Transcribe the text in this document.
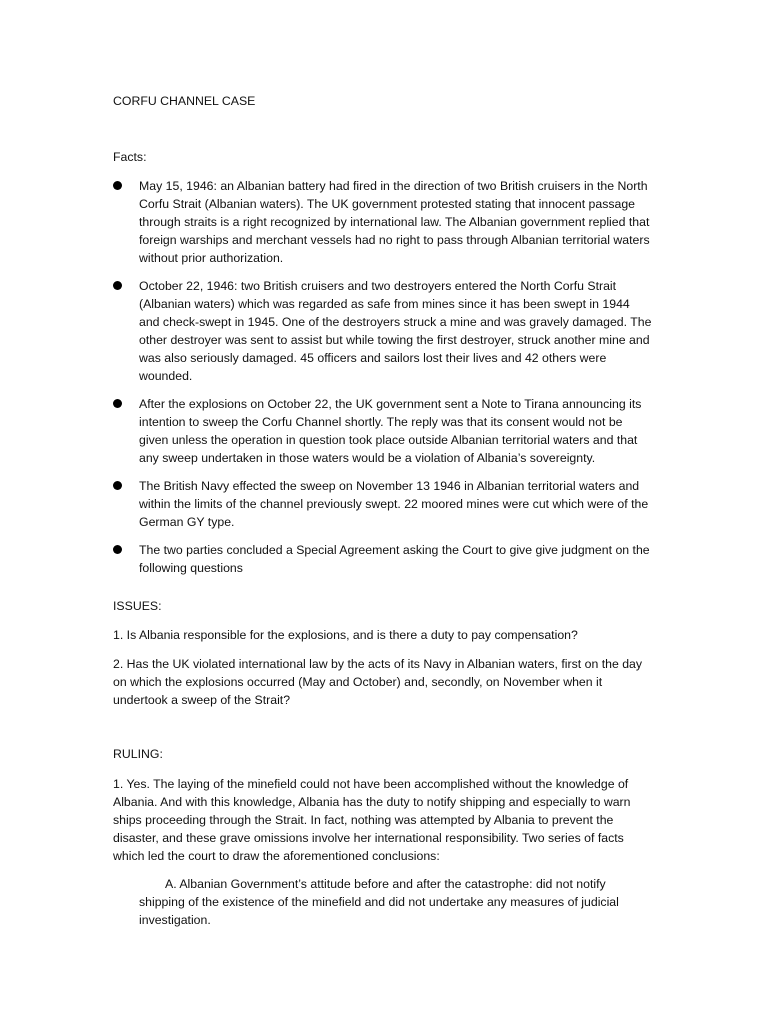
CORFU CHANNEL CASE
Facts:
May 15, 1946: an Albanian battery had fired in the direction of two British cruisers in the North Corfu Strait (Albanian waters). The UK government protested stating that innocent passage through straits is a right recognized by international law. The Albanian government replied that foreign warships and merchant vessels had no right to pass through Albanian territorial waters without prior authorization.
October 22, 1946: two British cruisers and two destroyers entered the North Corfu Strait (Albanian waters) which was regarded as safe from mines since it has been swept in 1944 and check-swept in 1945. One of the destroyers struck a mine and was gravely damaged. The other destroyer was sent to assist but while towing the first destroyer, struck another mine and was also seriously damaged. 45 officers and sailors lost their lives and 42 others were wounded.
After the explosions on October 22, the UK government sent a Note to Tirana announcing its intention to sweep the Corfu Channel shortly. The reply was that its consent would not be given unless the operation in question took place outside Albanian territorial waters and that any sweep undertaken in those waters would be a violation of Albania’s sovereignty.
The British Navy effected the sweep on November 13 1946 in Albanian territorial waters and within the limits of the channel previously swept. 22 moored mines were cut which were of the German GY type.
The two parties concluded a Special Agreement asking the Court to give give judgment on the following questions
ISSUES:
1. Is Albania responsible for the explosions, and is there a duty to pay compensation?
2. Has the UK violated international law by the acts of its Navy in Albanian waters, first on the day on which the explosions occurred (May and October) and, secondly, on November when it undertook a sweep of the Strait?
RULING:
1. Yes. The laying of the minefield could not have been accomplished without the knowledge of Albania. And with this knowledge, Albania has the duty to notify shipping and especially to warn ships proceeding through the Strait. In fact, nothing was attempted by Albania to prevent the disaster, and these grave omissions involve her international responsibility. Two series of facts which led the court to draw the aforementioned conclusions:
A. Albanian Government’s attitude before and after the catastrophe: did not notify shipping of the existence of the minefield and did not undertake any measures of judicial investigation.
